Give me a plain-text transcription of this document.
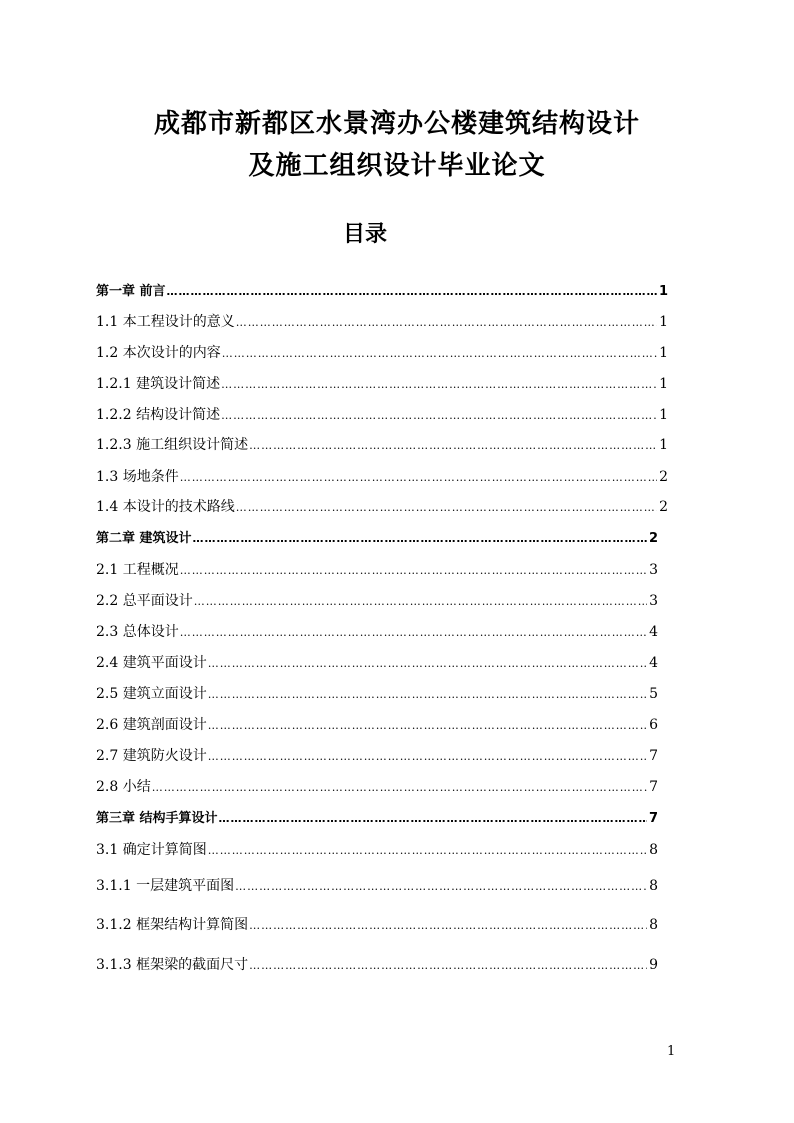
成都市新都区水景湾办公楼建筑结构设计
及施工组织设计毕业论文
目录
第一章 前言 ……………………………………………………………………………………………………………………………………………………………………	1
1.1 本工程设计的意义 ……………………………………………………………………………………………………………………………………………………………………	1
1.2 本次设计的内容 ……………………………………………………………………………………………………………………………………………………………………	1
1.2.1 建筑设计简述 ……………………………………………………………………………………………………………………………………………………………………	1
1.2.2 结构设计简述 ……………………………………………………………………………………………………………………………………………………………………	1
1.2.3 施工组织设计简述 ……………………………………………………………………………………………………………………………………………………………………	1
1.3 场地条件 ……………………………………………………………………………………………………………………………………………………………………	2
1.4 本设计的技术路线 ……………………………………………………………………………………………………………………………………………………………………	2
第二章 建筑设计 ……………………………………………………………………………………………………………………………………………………………………	2
2.1 工程概况 ……………………………………………………………………………………………………………………………………………………………………	3
2.2 总平面设计 ……………………………………………………………………………………………………………………………………………………………………	3
2.3 总体设计 ……………………………………………………………………………………………………………………………………………………………………	4
2.4 建筑平面设计 ……………………………………………………………………………………………………………………………………………………………………	4
2.5 建筑立面设计 ……………………………………………………………………………………………………………………………………………………………………	5
2.6 建筑剖面设计 ……………………………………………………………………………………………………………………………………………………………………	6
2.7 建筑防火设计 ……………………………………………………………………………………………………………………………………………………………………	7
2.8 小结 ……………………………………………………………………………………………………………………………………………………………………	7
第三章 结构手算设计 ……………………………………………………………………………………………………………………………………………………………………	7
3.1 确定计算简图 ……………………………………………………………………………………………………………………………………………………………………	8
3.1.1 一层建筑平面图 ……………………………………………………………………………………………………………………………………………………………………	8
3.1.2 框架结构计算简图 ……………………………………………………………………………………………………………………………………………………………………	8
3.1.3 框架梁的截面尺寸 ……………………………………………………………………………………………………………………………………………………………………	9
1
